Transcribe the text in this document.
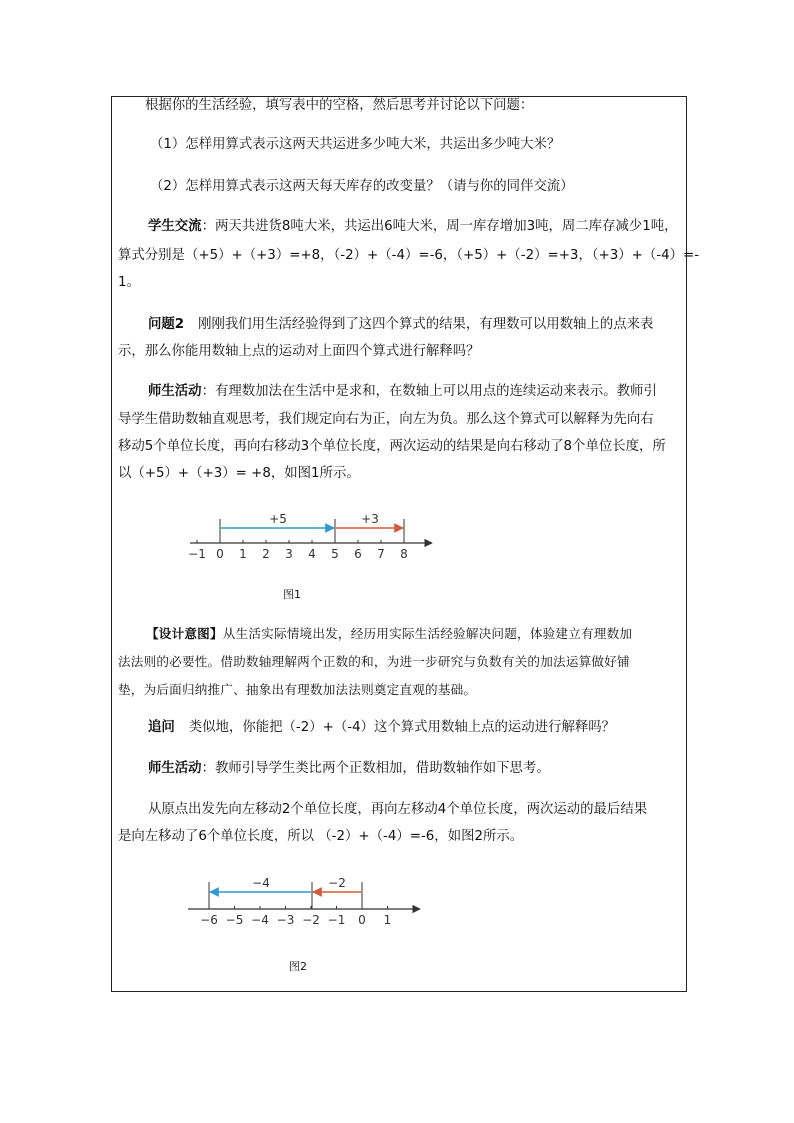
根据你的生活经验，填写表中的空格，然后思考并讨论以下问题：

（1）怎样用算式表示这两天共运进多少吨大米，共运出多少吨大米？

（2）怎样用算式表示这两天每天库存的改变量？（请与你的同伴交流）

学生交流：两天共进货8吨大米，共运出6吨大米，周一库存增加3吨，周二库存减少1吨，

算式分别是（+5）+（+3）=+8，（-2）+（-4）=-6，（+5）+（-2）=+3，（+3）+（-4）=-

1。

问题2 刚刚我们用生活经验得到了这四个算式的结果，有理数可以用数轴上的点来表

示，那么你能用数轴上点的运动对上面四个算式进行解释吗？

师生活动：有理数加法在生活中是求和，在数轴上可以用点的连续运动来表示。教师引

导学生借助数轴直观思考，我们规定向右为正，向左为负。那么这个算式可以解释为先向右

移动5个单位长度，再向右移动3个单位长度，两次运动的结果是向右移动了8个单位长度，所

以（+5）+（+3）= +8，如图1所示。

−1 0 1 2 3 4 5 6 7 8
+5	+3
图1

【设计意图】从生活实际情境出发，经历用实际生活经验解决问题，体验建立有理数加

法法则的必要性。借助数轴理解两个正数的和，为进一步研究与负数有关的加法运算做好铺

垫，为后面归纳推广、抽象出有理数加法法则奠定直观的基础。

追问 类似地，你能把（-2）+（-4）这个算式用数轴上点的运动进行解释吗？

师生活动：教师引导学生类比两个正数相加，借助数轴作如下思考。

从原点出发先向左移动2个单位长度，再向左移动4个单位长度，两次运动的最后结果

是向左移动了6个单位长度，所以 （-2）+（-4）=-6，如图2所示。

−6 −5 −4 −3 −2 −1 0 1
−2
−4
图2
